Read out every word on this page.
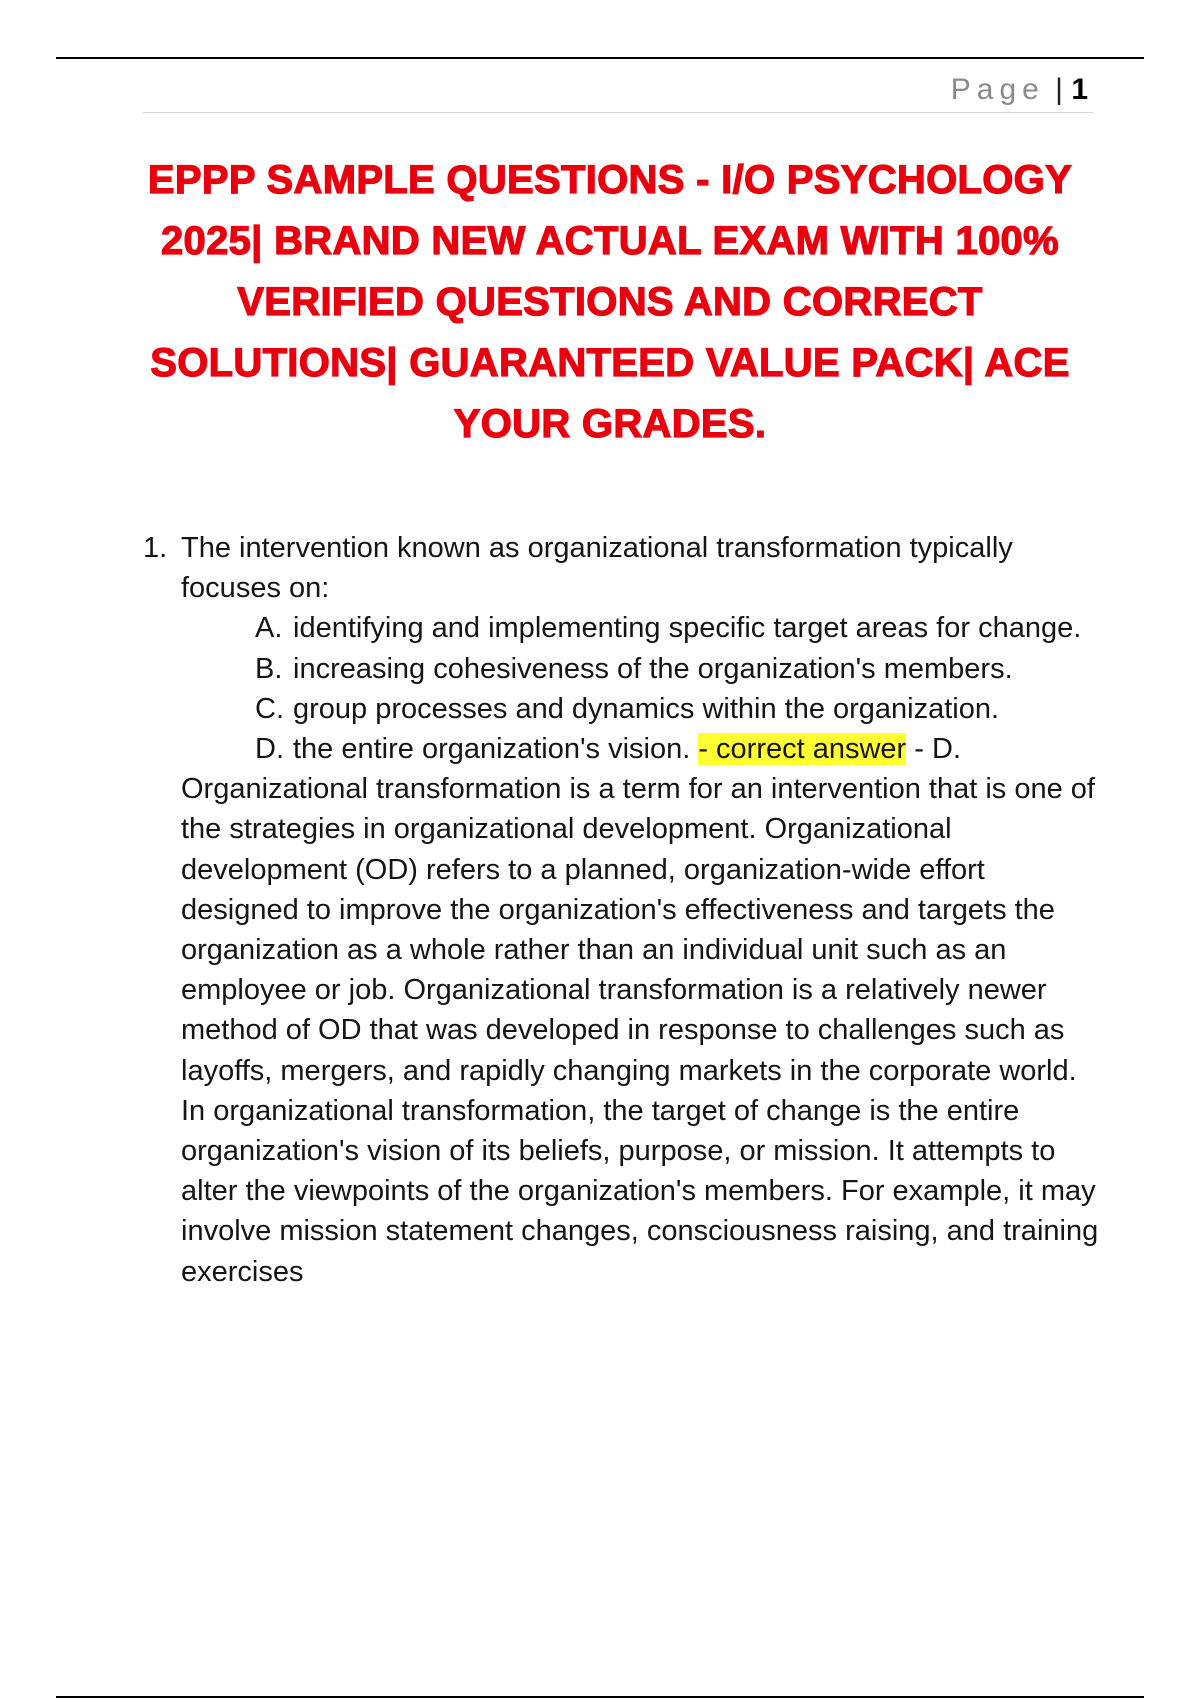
Page | 1
EPPP SAMPLE QUESTIONS - I/O PSYCHOLOGY 2025| BRAND NEW ACTUAL EXAM WITH 100% VERIFIED QUESTIONS AND CORRECT SOLUTIONS| GUARANTEED VALUE PACK| ACE YOUR GRADES.
1. The intervention known as organizational transformation typically focuses on:
A. identifying and implementing specific target areas for change.
B. increasing cohesiveness of the organization's members.
C. group processes and dynamics within the organization.
D. the entire organization's vision. - correct answer - D.
Organizational transformation is a term for an intervention that is one of the strategies in organizational development. Organizational development (OD) refers to a planned, organization-wide effort designed to improve the organization's effectiveness and targets the organization as a whole rather than an individual unit such as an employee or job. Organizational transformation is a relatively newer method of OD that was developed in response to challenges such as layoffs, mergers, and rapidly changing markets in the corporate world. In organizational transformation, the target of change is the entire organization's vision of its beliefs, purpose, or mission. It attempts to alter the viewpoints of the organization's members. For example, it may involve mission statement changes, consciousness raising, and training exercises
